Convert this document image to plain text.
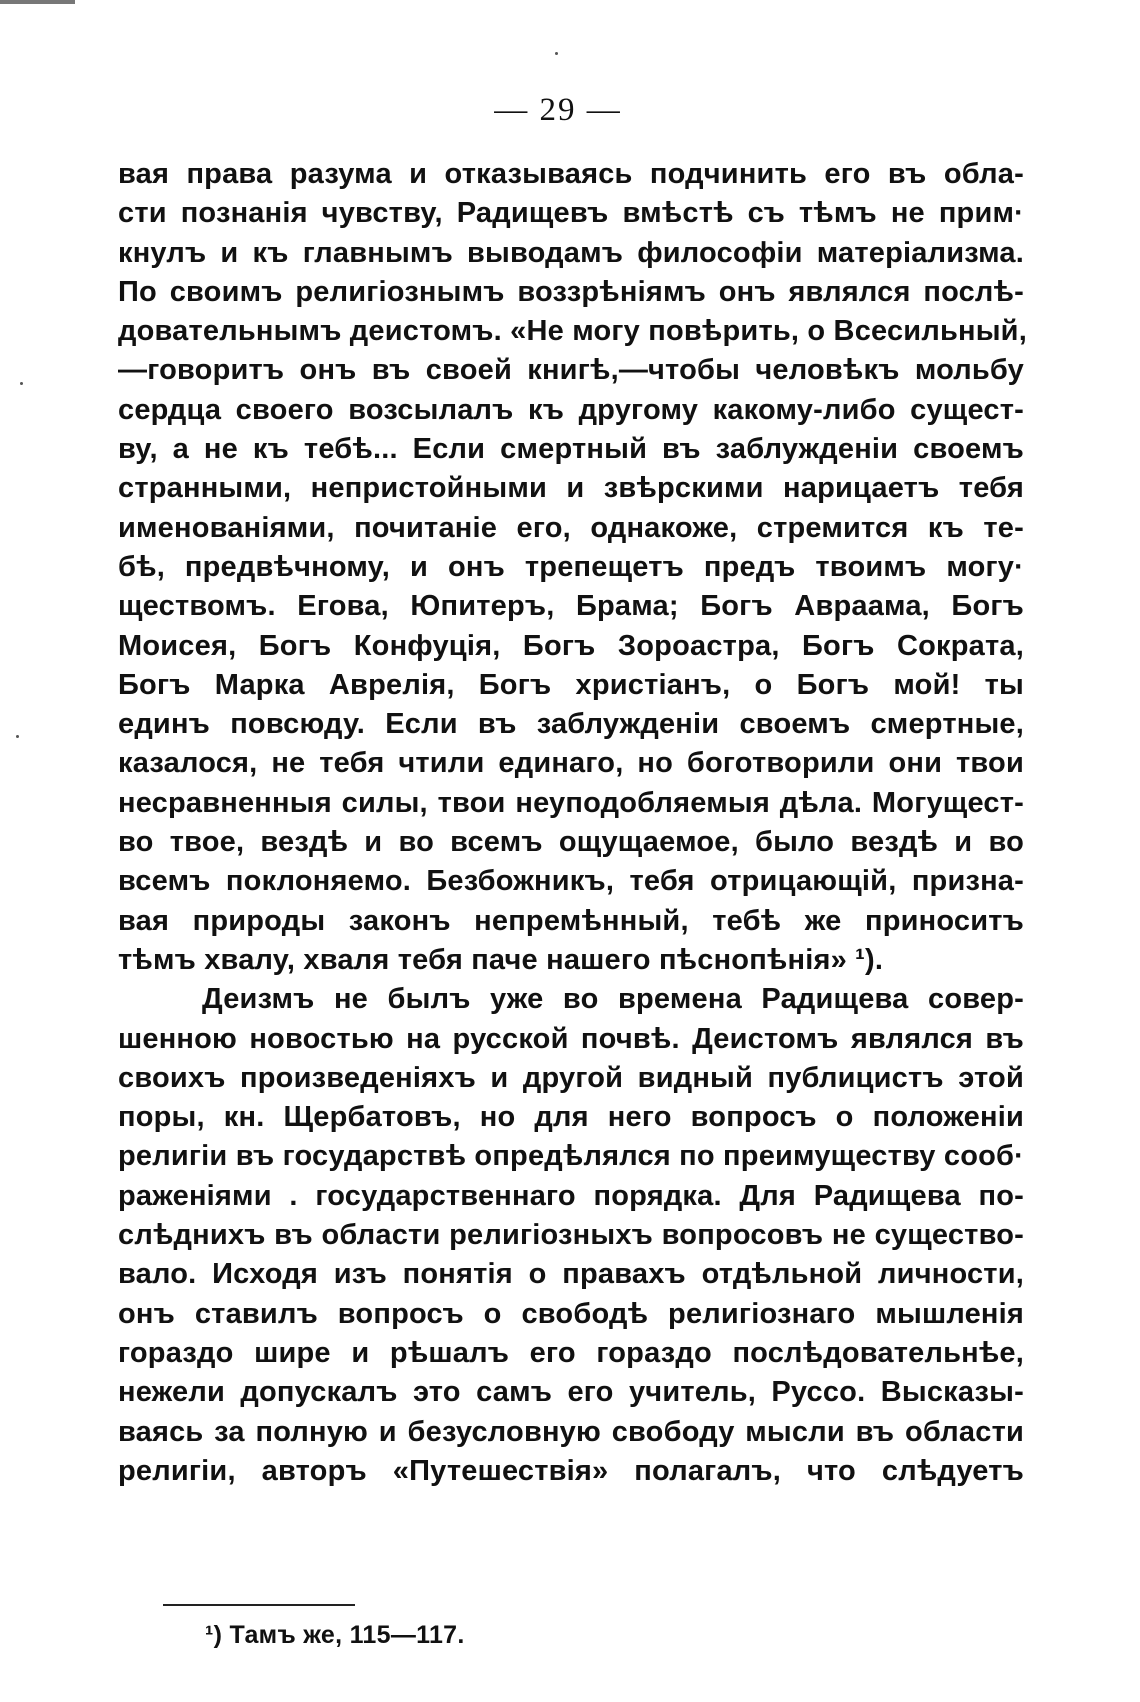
— 29 —
вая права разума и отказываясь подчинить его въ обла-
сти познанія чувству, Радищевъ вмѣстѣ съ тѣмъ не прим·
кнулъ и къ главнымъ выводамъ философіи матеріализма.
По своимъ религіознымъ воззрѣніямъ онъ являлся послѣ-
довательнымъ деистомъ. «Не могу повѣрить, о Всесильный,
—говоритъ онъ въ своей книгѣ,—чтобы человѣкъ мольбу
сердца своего возсылалъ къ другому какому-либо сущест-
ву, а не къ тебѣ... Если смертный въ заблужденіи своемъ
странными, непристойными и звѣрскими нарицаетъ тебя
именованіями, почитаніе его, однакоже, стремится къ те-
бѣ, предвѣчному, и онъ трепещетъ предъ твоимъ могу·
ществомъ. Егова, Юпитеръ, Брама; Богъ Авраама, Богъ
Моисея, Богъ Конфуція, Богъ Зороастра, Богъ Сократа,
Богъ Марка Аврелія, Богъ христіанъ, о Богъ мой! ты
единъ повсюду. Если въ заблужденіи своемъ смертные,
казалося, не тебя чтили единаго, но боготворили они твои
несравненныя силы, твои неуподобляемыя дѣла. Могущест-
во твое, вездѣ и во всемъ ощущаемое, было вездѣ и во
всемъ поклоняемо. Безбожникъ, тебя отрицающій, призна-
вая природы законъ непремѣнный, тебѣ же приноситъ
тѣмъ хвалу, хваля тебя паче нашего пѣснопѣнія» ¹).
Деизмъ не былъ уже во времена Радищева совер-
шенною новостью на русской почвѣ. Деистомъ являлся въ
своихъ произведеніяхъ и другой видный публицистъ этой
поры, кн. Щербатовъ, но для него вопросъ о положеніи
религіи въ государствѣ опредѣлялся по преимуществу сооб·
раженіями . государственнаго порядка. Для Радищева по-
слѣднихъ въ области религіозныхъ вопросовъ не существо-
вало. Исходя изъ понятія о правахъ отдѣльной личности,
онъ ставилъ вопросъ о свободѣ религіознаго мышленія
гораздо шире и рѣшалъ его гораздо послѣдовательнѣе,
нежели допускалъ это самъ его учитель, Руссо. Высказы-
ваясь за полную и безусловную свободу мысли въ области
религіи, авторъ «Путешествія» полагалъ, что слѣдуетъ
¹) Тамъ же, 115—117.
